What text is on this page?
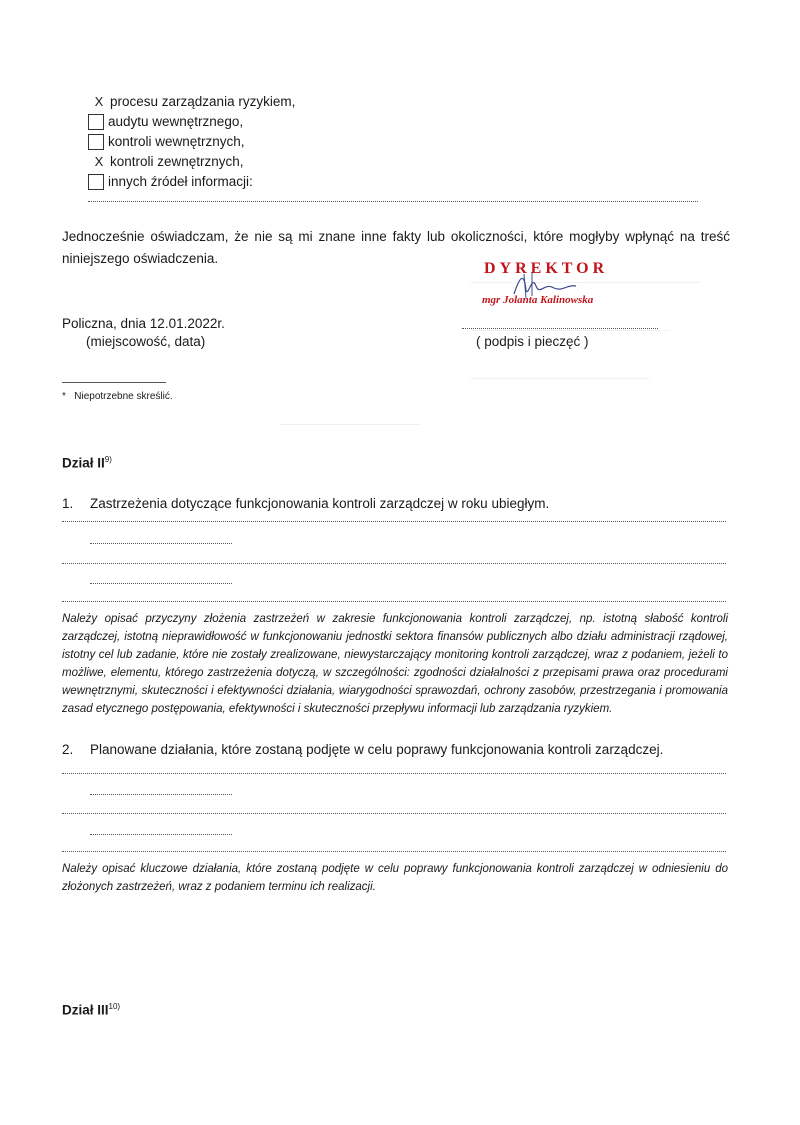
X procesu zarządzania ryzykiem,
audytu wewnętrznego,
kontroli wewnętrznych,
X kontroli zewnętrznych,
innych źródeł informacji:
Jednocześnie oświadczam, że nie są mi znane inne fakty lub okoliczności, które mogłyby wpłynąć na treść niniejszego oświadczenia.
DYREKTOR
mgr Jolanta Kalinowska
Policzna, dnia 12.01.2022r.
(miejscowość, data)	( podpis i pieczęć )
* Niepotrzebne skreślić.
Dział II$^{9)}$
1.	Zastrzeżenia dotyczące funkcjonowania kontroli zarządczej w roku ubiegłym.
Należy opisać przyczyny złożenia zastrzeżeń w zakresie funkcjonowania kontroli zarządczej, np. istotną słabość kontroli zarządczej, istotną nieprawidłowość w funkcjonowaniu jednostki sektora finansów publicznych albo działu administracji rządowej, istotny cel lub zadanie, które nie zostały zrealizowane, niewystarczający monitoring kontroli zarządczej, wraz z podaniem, jeżeli to możliwe, elementu, którego zastrzeżenia dotyczą, w szczególności: zgodności działalności z przepisami prawa oraz procedurami wewnętrznymi, skuteczności i efektywności działania, wiarygodności sprawozdań, ochrony zasobów, przestrzegania i promowania zasad etycznego postępowania, efektywności i skuteczności przepływu informacji lub zarządzania ryzykiem.
2.	Planowane działania, które zostaną podjęte w celu poprawy funkcjonowania kontroli zarządczej.
Należy opisać kluczowe działania, które zostaną podjęte w celu poprawy funkcjonowania kontroli zarządczej w odniesieniu do złożonych zastrzeżeń, wraz z podaniem terminu ich realizacji.
Dział III$^{10)}$
